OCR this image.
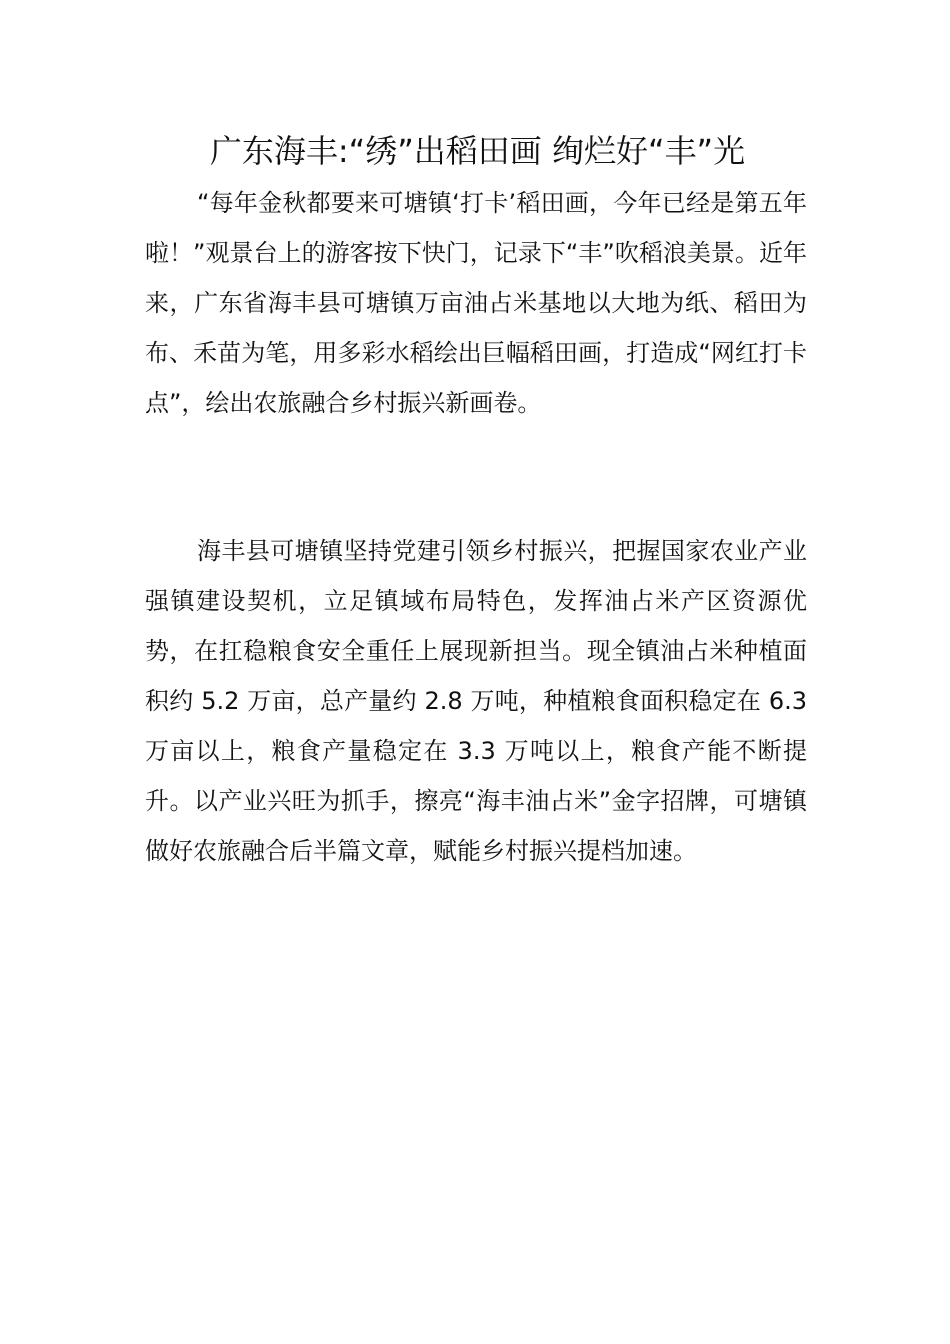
广东海丰:“绣”出稻田画 绚烂好“丰”光

“每年金秋都要来可塘镇‘打卡’稻田画，今年已经是第五年啦！”观景台上的游客按下快门，记录下“丰”吹稻浪美景。近年来，广东省海丰县可塘镇万亩油占米基地以大地为纸、稻田为布、禾苗为笔，用多彩水稻绘出巨幅稻田画，打造成“网红打卡点”，绘出农旅融合乡村振兴新画卷。

海丰县可塘镇坚持党建引领乡村振兴，把握国家农业产业强镇建设契机，立足镇域布局特色，发挥油占米产区资源优势，在扛稳粮食安全重任上展现新担当。现全镇油占米种植面积约 5.2 万亩，总产量约 2.8 万吨，种植粮食面积稳定在 6.3 万亩以上，粮食产量稳定在 3.3 万吨以上，粮食产能不断提升。以产业兴旺为抓手，擦亮“海丰油占米”金字招牌，可塘镇做好农旅融合后半篇文章，赋能乡村振兴提档加速。
